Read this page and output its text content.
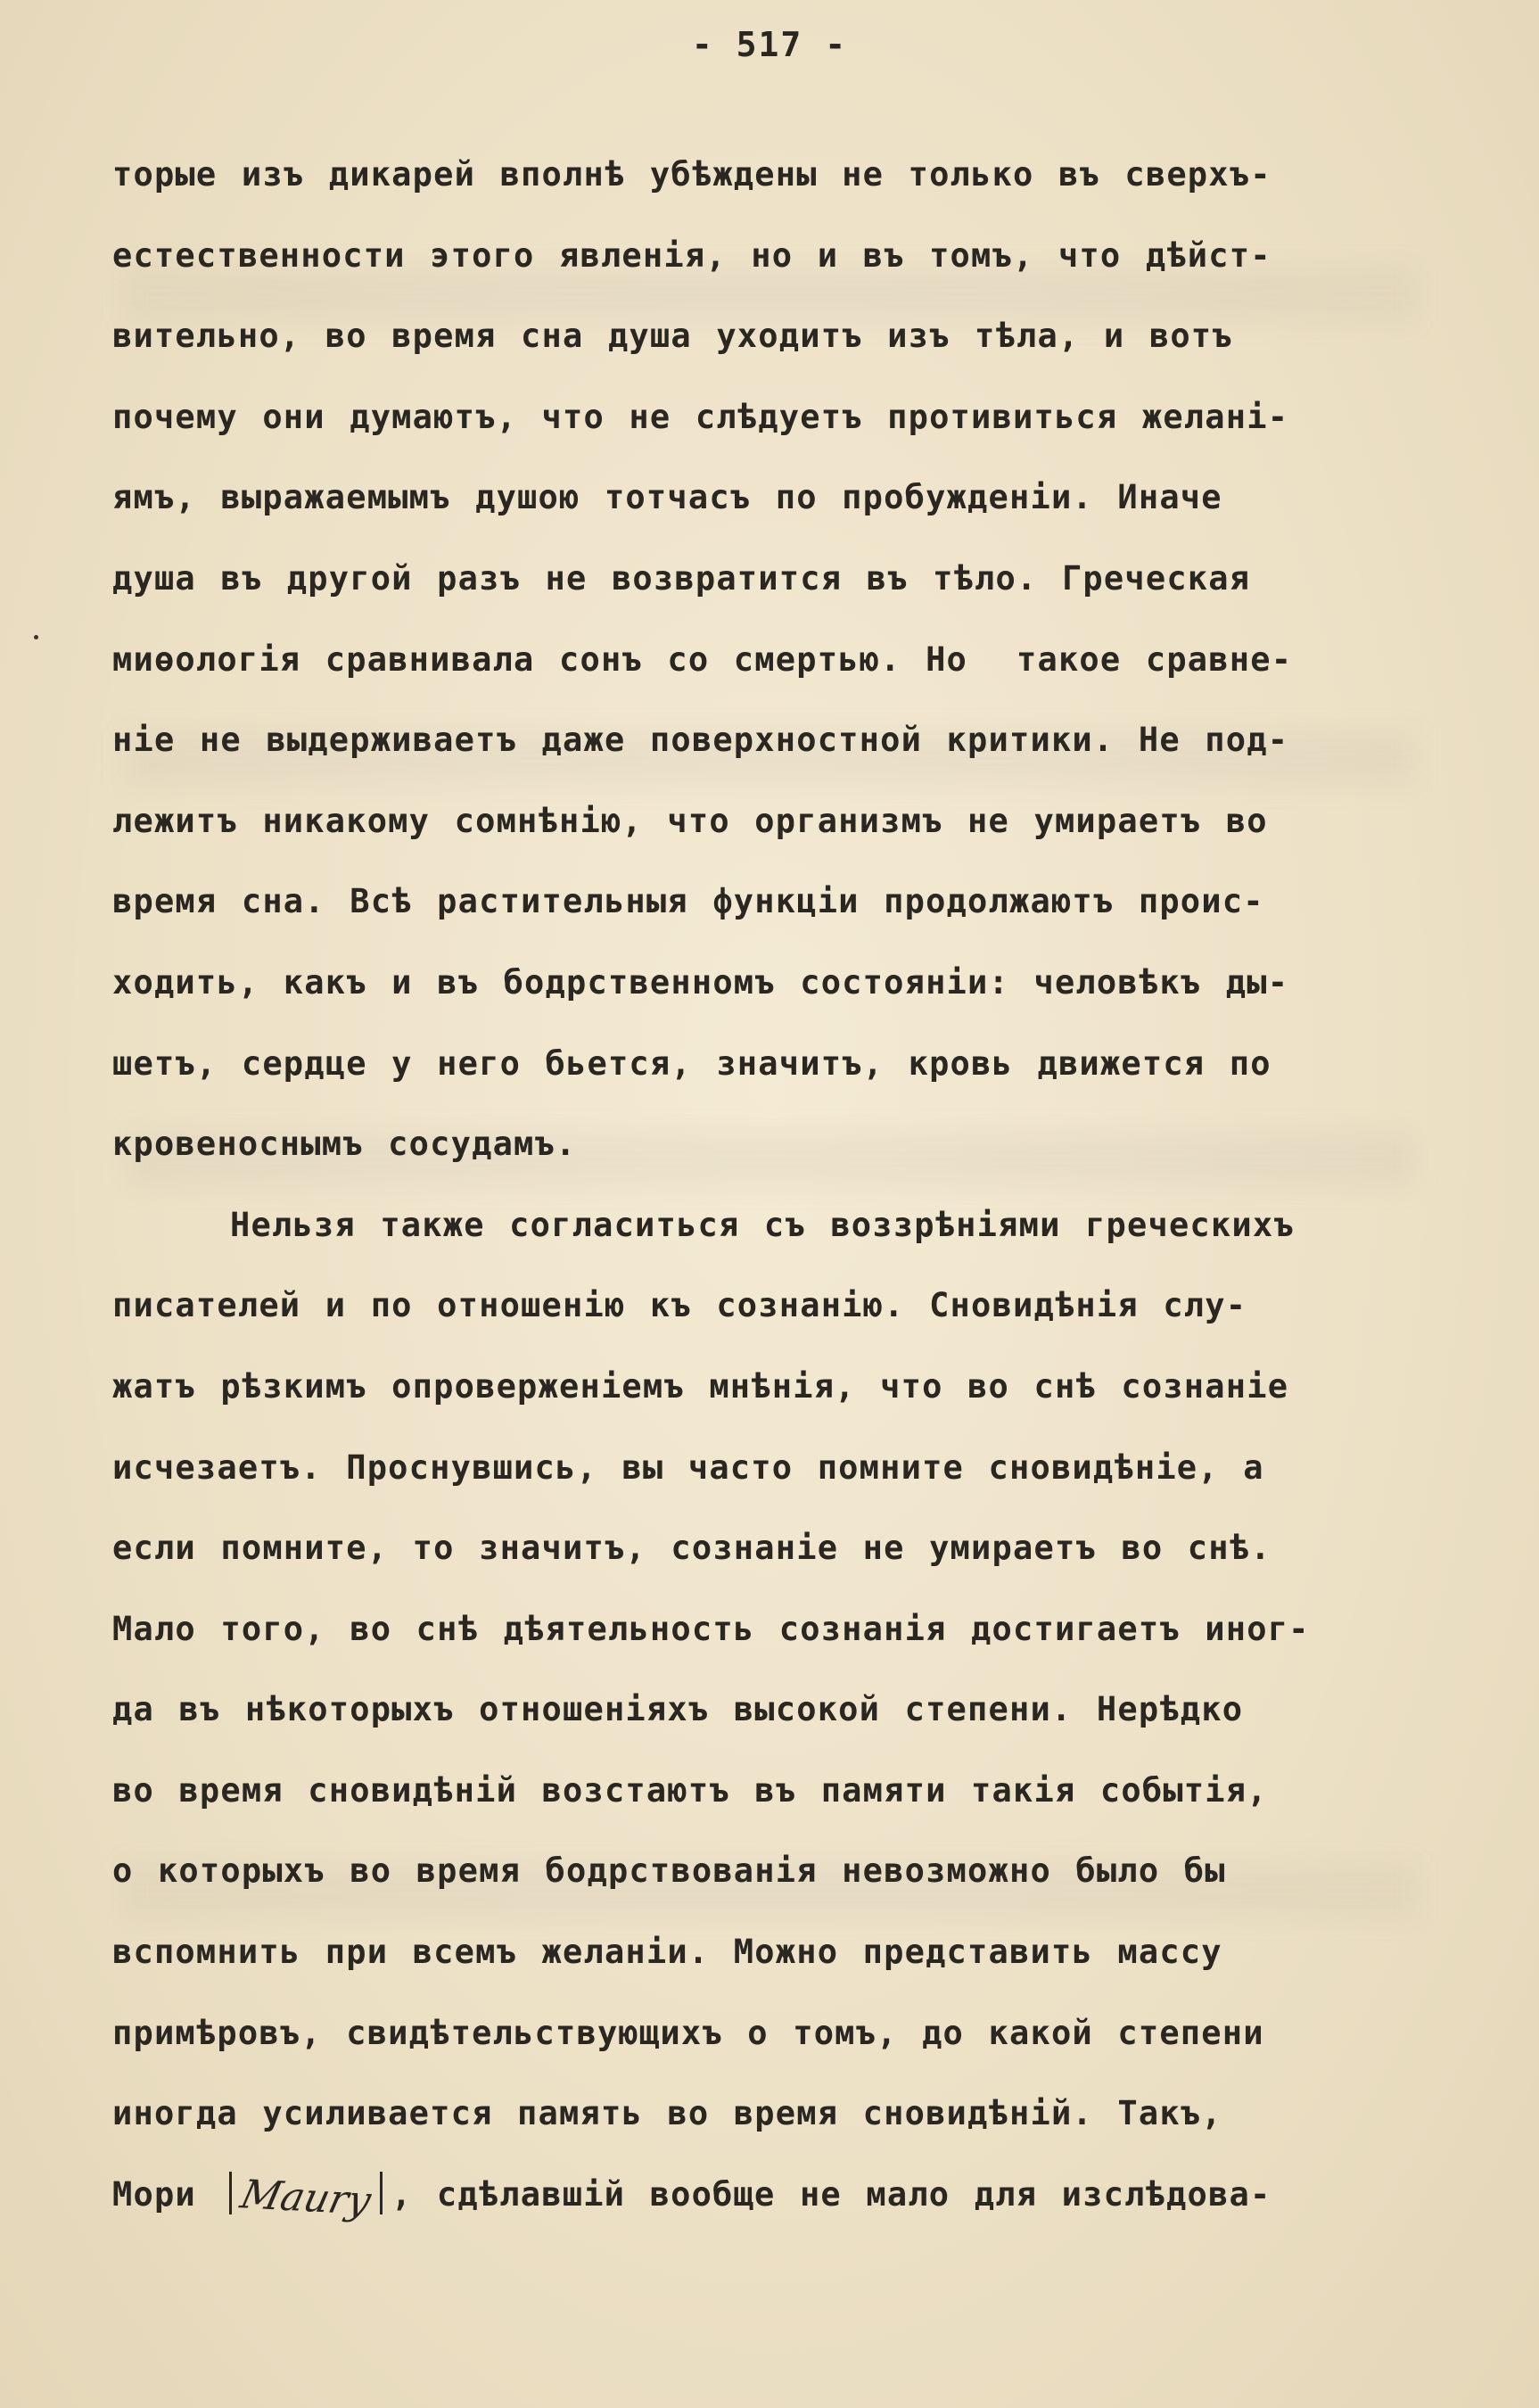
- 517 -
торые изъ дикарей вполнѣ убѣждены не только въ сверхъ-
естественности этого явленія, но и въ томъ, что дѣйст-
вительно, во время сна душа уходитъ изъ тѣла, и вотъ
почему они думаютъ, что не слѣдуетъ противиться желані-
ямъ, выражаемымъ душою тотчасъ по пробужденіи. Иначе
душа въ другой разъ не возвратится въ тѣло. Греческая
миѳологія сравнивала сонъ со смертью. Но  такое сравне-
ніе не выдерживаетъ даже поверхностной критики. Не под-
лежитъ никакому сомнѣнію, что организмъ не умираетъ во
время сна. Всѣ растительныя функціи продолжаютъ проис-
ходить, какъ и въ бодрственномъ состояніи: человѣкъ ды-
шетъ, сердце у него бьется, значитъ, кровь движется по
кровеноснымъ сосудамъ.
Нельзя также согласиться съ воззрѣніями греческихъ
писателей и по отношенію къ сознанію. Сновидѣнія слу-
жатъ рѣзкимъ опровержeніемъ мнѣнія, что во снѣ сознаніе
исчезаетъ. Проснувшись, вы часто помните сновидѣніе, а
если помните, то значитъ, сознаніе не умираетъ во снѣ.
Мало того, во снѣ дѣятельность сознанія достигаетъ иног-
да въ нѣкоторыхъ отношеніяхъ высокой степени. Нерѣдко
во время сновидѣній возстаютъ въ памяти такія событія,
о которыхъ во время бодрствованія невозможно было бы
вспомнить при всемъ желаніи. Можно представить массу
примѣровъ, свидѣтельствующихъ о томъ, до какой степени
иногда усиливается память во время сновидѣній. Такъ,
Мори Maury , сдѣлавшій вообще не мало для изслѣдова-
